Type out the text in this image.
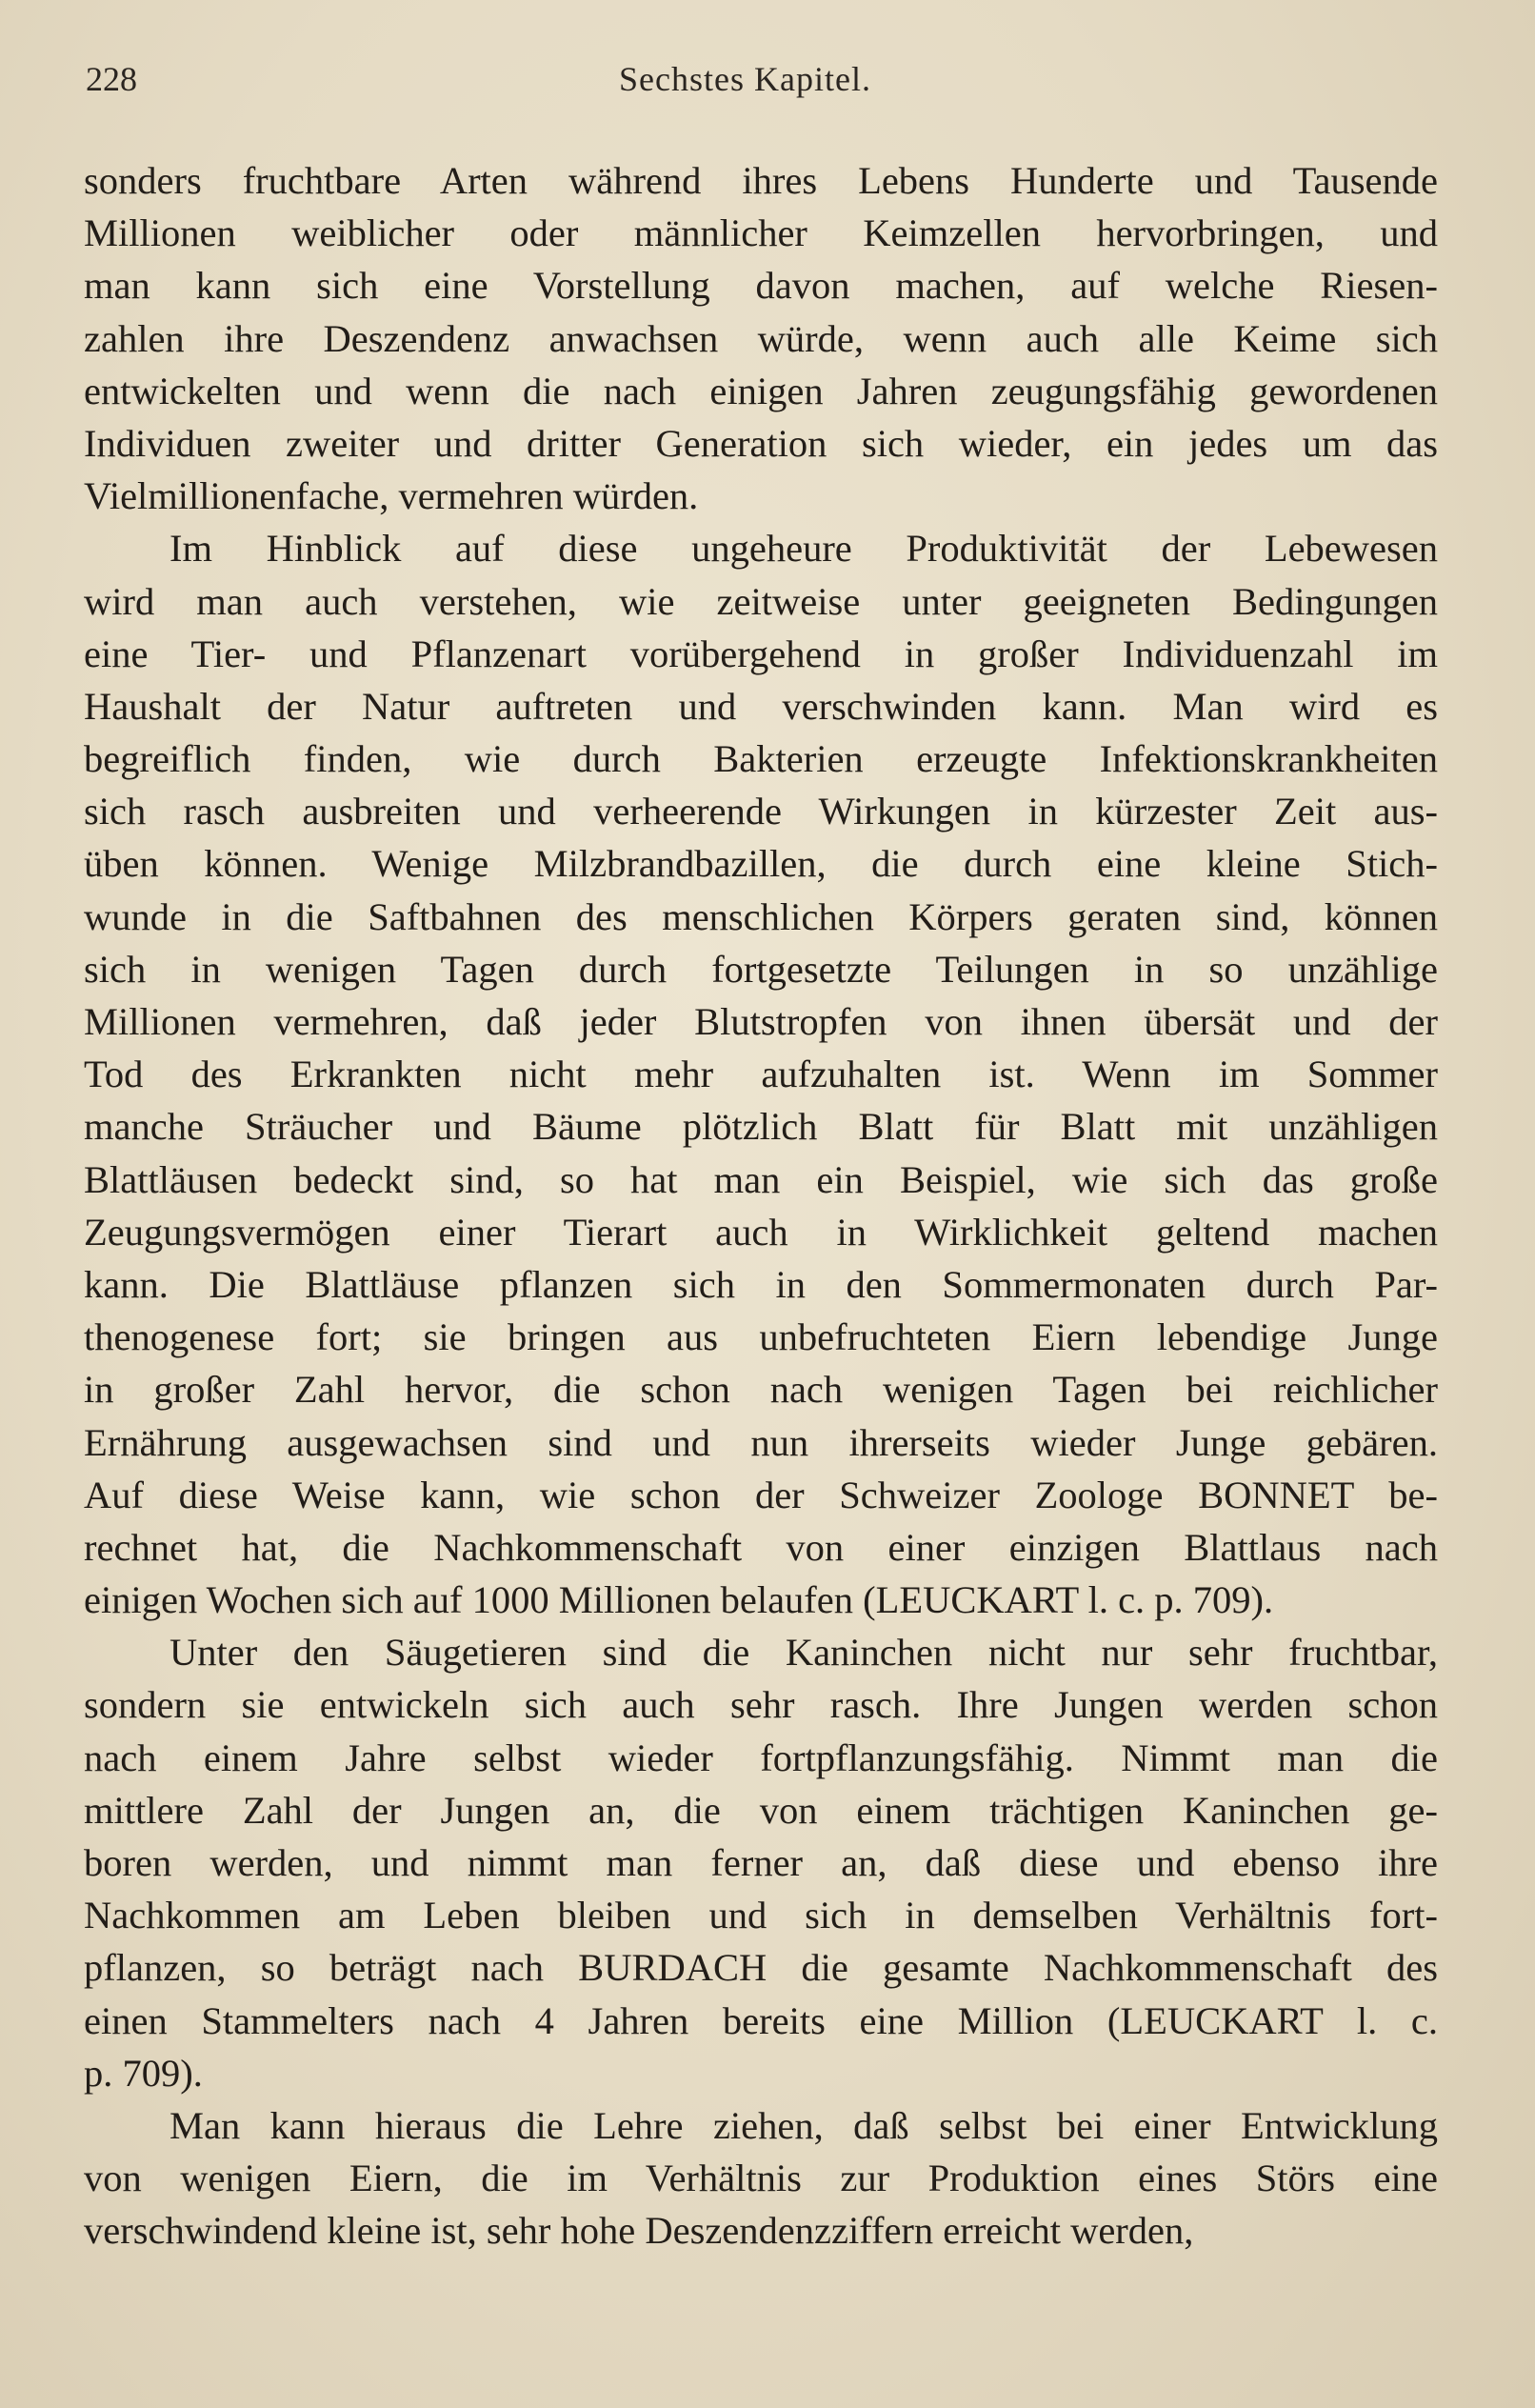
228	Sechstes Kapitel.
sonders fruchtbare Arten während ihres Lebens Hunderte und Tausende
Millionen weiblicher oder männlicher Keimzellen hervorbringen, und
man kann sich eine Vorstellung davon machen, auf welche Riesen-
zahlen ihre Deszendenz anwachsen würde, wenn auch alle Keime sich
entwickelten und wenn die nach einigen Jahren zeugungsfähig gewordenen
Individuen zweiter und dritter Generation sich wieder, ein jedes um das
Vielmillionenfache, vermehren würden.
Im Hinblick auf diese ungeheure Produktivität der Lebewesen
wird man auch verstehen, wie zeitweise unter geeigneten Bedingungen
eine Tier- und Pflanzenart vorübergehend in großer Individuenzahl im
Haushalt der Natur auftreten und verschwinden kann. Man wird es
begreiflich finden, wie durch Bakterien erzeugte Infektionskrankheiten
sich rasch ausbreiten und verheerende Wirkungen in kürzester Zeit aus-
üben können. Wenige Milzbrandbazillen, die durch eine kleine Stich-
wunde in die Saftbahnen des menschlichen Körpers geraten sind, können
sich in wenigen Tagen durch fortgesetzte Teilungen in so unzählige
Millionen vermehren, daß jeder Blutstropfen von ihnen übersät und der
Tod des Erkrankten nicht mehr aufzuhalten ist. Wenn im Sommer
manche Sträucher und Bäume plötzlich Blatt für Blatt mit unzähligen
Blattläusen bedeckt sind, so hat man ein Beispiel, wie sich das große
Zeugungsvermögen einer Tierart auch in Wirklichkeit geltend machen
kann. Die Blattläuse pflanzen sich in den Sommermonaten durch Par-
thenogenese fort; sie bringen aus unbefruchteten Eiern lebendige Junge
in großer Zahl hervor, die schon nach wenigen Tagen bei reichlicher
Ernährung ausgewachsen sind und nun ihrerseits wieder Junge gebären.
Auf diese Weise kann, wie schon der Schweizer Zoologe BONNET be-
rechnet hat, die Nachkommenschaft von einer einzigen Blattlaus nach
einigen Wochen sich auf 1000 Millionen belaufen (LEUCKART l. c. p. 709).
Unter den Säugetieren sind die Kaninchen nicht nur sehr fruchtbar,
sondern sie entwickeln sich auch sehr rasch. Ihre Jungen werden schon
nach einem Jahre selbst wieder fortpflanzungsfähig. Nimmt man die
mittlere Zahl der Jungen an, die von einem trächtigen Kaninchen ge-
boren werden, und nimmt man ferner an, daß diese und ebenso ihre
Nachkommen am Leben bleiben und sich in demselben Verhältnis fort-
pflanzen, so beträgt nach BURDACH die gesamte Nachkommenschaft des
einen Stammelters nach 4 Jahren bereits eine Million (LEUCKART l. c.
p. 709).
Man kann hieraus die Lehre ziehen, daß selbst bei einer Entwicklung
von wenigen Eiern, die im Verhältnis zur Produktion eines Störs eine
verschwindend kleine ist, sehr hohe Deszendenzziffern erreicht werden,
